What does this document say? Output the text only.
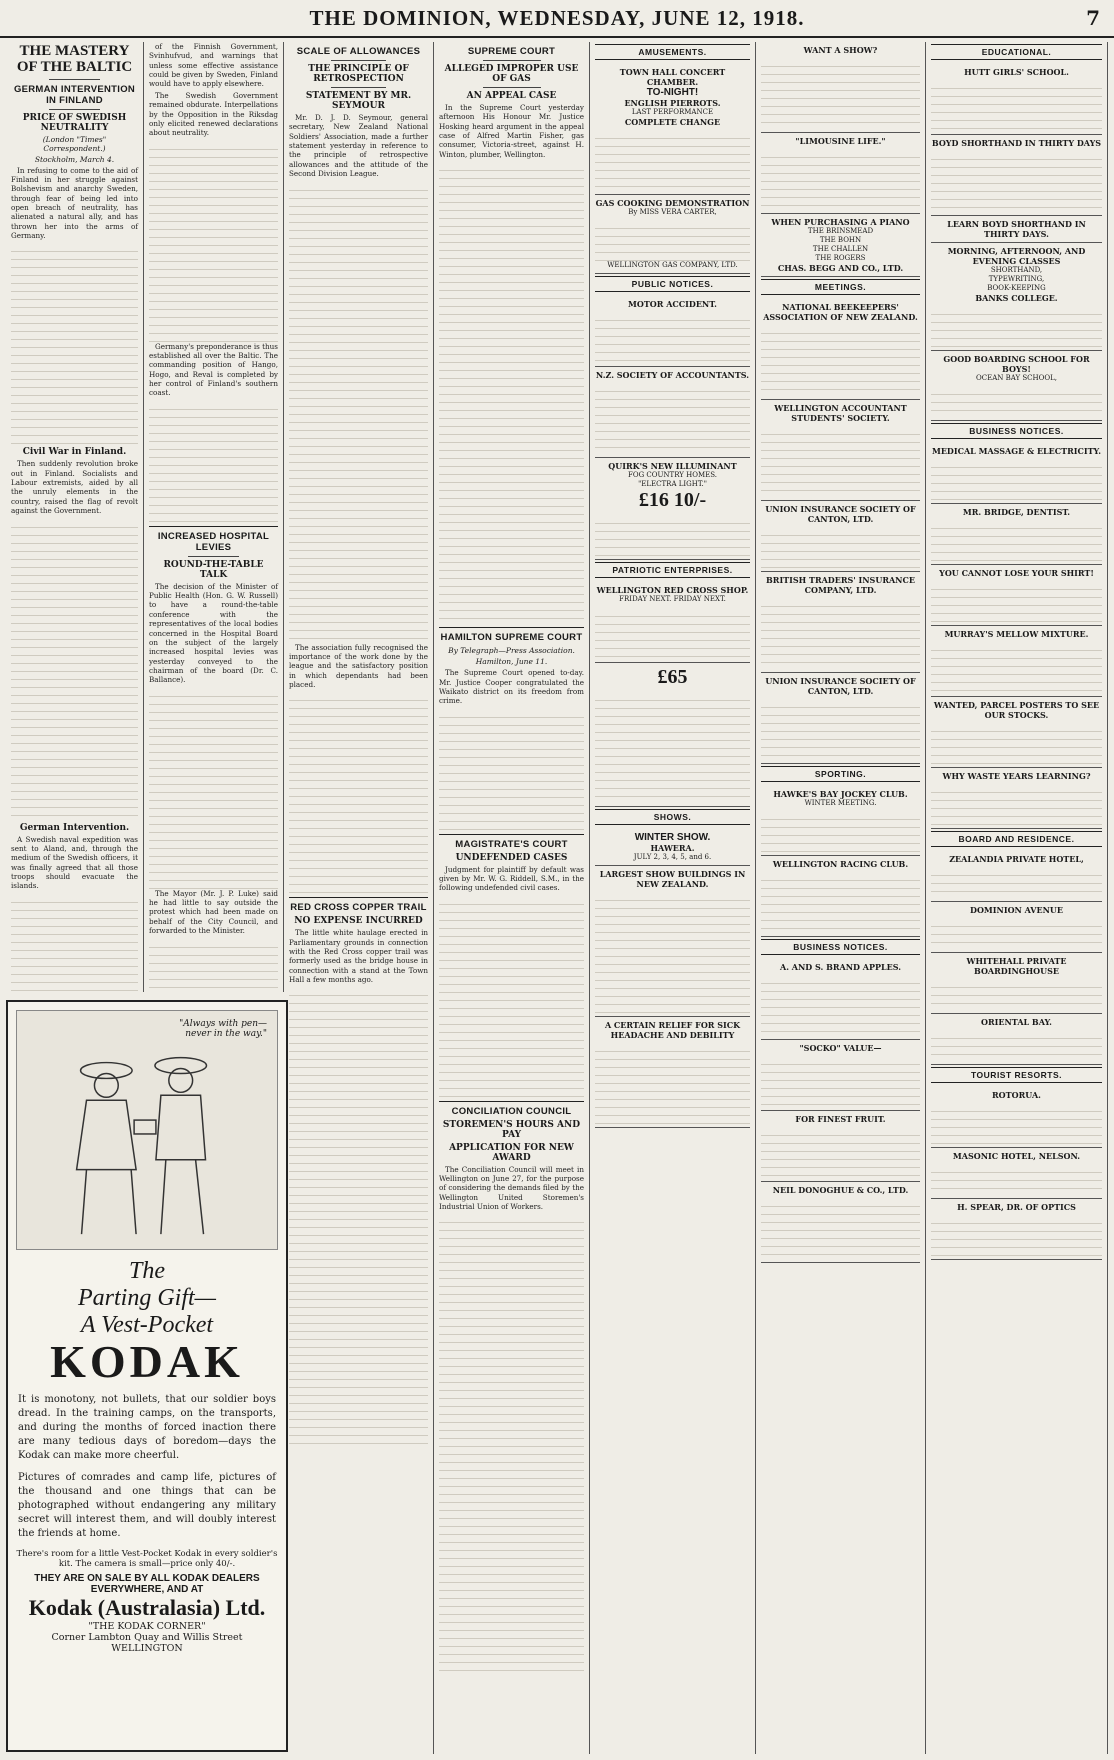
THE DOMINION, WEDNESDAY, JUNE 12, 1918.	7
THE MASTERY OF THE BALTIC
GERMAN INTERVENTION IN FINLAND
PRICE OF SWEDISH NEUTRALITY
(London "Times" Correspondent.)
Stockholm, March 4.

In refusing to come to the aid of Finland in her struggle against Bolshevism and anarchy Sweden, through fear of being led into open breach of neutrality, has alienated a natural ally, and has thrown her into the arms of Germany.

Civil War in Finland.

Then suddenly revolution broke out in Finland. Socialists and Labour extremists, aided by all the unruly elements in the country, raised the flag of revolt against the Government.

German Intervention.

A Swedish naval expedition was sent to Aland, and, through the medium of the Swedish officers, it was finally agreed that all those troops should evacuate the islands.

of the Finnish Government, Svinhufvud, and warnings that unless some effective assistance could be given by Sweden, Finland would have to apply elsewhere.

The Swedish Government remained obdurate. Interpellations by the Opposition in the Riksdag only elicited renewed declarations about neutrality.

Germany's preponderance is thus established all over the Baltic. The commanding position of Hango, Hogo, and Reval is completed by her control of Finland's southern coast.

INCREASED HOSPITAL LEVIES
ROUND-THE-TABLE TALK

The decision of the Minister of Public Health (Hon. G. W. Russell) to have a round-the-table conference with the representatives of the local bodies concerned in the Hospital Board on the subject of the largely increased hospital levies was yesterday conveyed to the chairman of the board (Dr. C. Ballance).

The Mayor (Mr. J. P. Luke) said he had little to say outside the protest which had been made on behalf of the City Council, and forwarded to the Minister.

SCALE OF ALLOWANCES
THE PRINCIPLE OF RETROSPECTION
STATEMENT BY MR. SEYMOUR

Mr. D. J. D. Seymour, general secretary, New Zealand National Soldiers' Association, made a further statement yesterday in reference to the principle of retrospective allowances and the attitude of the Second Division League.

The association fully recognised the importance of the work done by the league and the satisfactory position in which dependants had been placed.

RED CROSS COPPER TRAIL
NO EXPENSE INCURRED

The little white haulage erected in Parliamentary grounds in connection with the Red Cross copper trail was formerly used as the bridge house in connection with a stand at the Town Hall a few months ago.

SUPREME COURT
ALLEGED IMPROPER USE OF GAS
AN APPEAL CASE

In the Supreme Court yesterday afternoon His Honour Mr. Justice Hosking heard argument in the appeal case of Alfred Martin Fisher, gas consumer, Victoria-street, against H. Winton, plumber, Wellington.

HAMILTON SUPREME COURT
By Telegraph—Press Association.
Hamilton, June 11.

The Supreme Court opened to-day. Mr. Justice Cooper congratulated the Waikato district on its freedom from crime.

MAGISTRATE'S COURT
UNDEFENDED CASES

Judgment for plaintiff by default was given by Mr. W. G. Riddell, S.M., in the following undefended civil cases.

CONCILIATION COUNCIL
STOREMEN'S HOURS AND PAY
APPLICATION FOR NEW AWARD

The Conciliation Council will meet in Wellington on June 27, for the purpose of considering the demands filed by the Wellington United Storemen's Industrial Union of Workers.

AMUSEMENTS.
TOWN HALL CONCERT CHAMBER.
TO-NIGHT!
ENGLISH PIERROTS.
LAST PERFORMANCE
COMPLETE CHANGE
GAS COOKING DEMONSTRATION
By MISS VERA CARTER,
WELLINGTON GAS COMPANY, LTD.
PUBLIC NOTICES.
MOTOR ACCIDENT.
N.Z. SOCIETY OF ACCOUNTANTS.
QUIRK'S NEW ILLUMINANT
FOG COUNTRY HOMES.
"ELECTRA LIGHT."
£16 10/-
PATRIOTIC ENTERPRISES.
WELLINGTON RED CROSS SHOP.
FRIDAY NEXT. FRIDAY NEXT.
£65
SHOWS.
WINTER SHOW.
HAWERA.
JULY 2, 3, 4, 5, and 6.
LARGEST SHOW BUILDINGS IN NEW ZEALAND.
A CERTAIN RELIEF FOR SICK HEADACHE AND DEBILITY
WANT A SHOW?
"LIMOUSINE LIFE."
WHEN PURCHASING A PIANO
THE BRINSMEAD
THE BOHN
THE CHALLEN
THE ROGERS
CHAS. BEGG AND CO., LTD.
MEETINGS.
NATIONAL BEEKEEPERS' ASSOCIATION OF NEW ZEALAND.
WELLINGTON ACCOUNTANT STUDENTS' SOCIETY.
UNION INSURANCE SOCIETY OF CANTON, LTD.
BRITISH TRADERS' INSURANCE COMPANY, LTD.
UNION INSURANCE SOCIETY OF CANTON, LTD.
SPORTING.
HAWKE'S BAY JOCKEY CLUB.
WINTER MEETING.
WELLINGTON RACING CLUB.
BUSINESS NOTICES.
A. AND S. BRAND APPLES.
"SOCKO" VALUE—
FOR FINEST FRUIT.
NEIL DONOGHUE & CO., LTD.
EDUCATIONAL.
HUTT GIRLS' SCHOOL.
BOYD SHORTHAND IN THIRTY DAYS
LEARN BOYD SHORTHAND IN THIRTY DAYS.
MORNING, AFTERNOON, AND EVENING CLASSES
SHORTHAND,
TYPEWRITING,
BOOK-KEEPING
BANKS COLLEGE.
GOOD BOARDING SCHOOL FOR BOYS!
OCEAN BAY SCHOOL,
BUSINESS NOTICES.
MEDICAL MASSAGE & ELECTRICITY.
MR. BRIDGE, DENTIST.
YOU CANNOT LOSE YOUR SHIRT!
MURRAY'S MELLOW MIXTURE.
WANTED, PARCEL POSTERS TO SEE OUR STOCKS.
WHY WASTE YEARS LEARNING?
BOARD AND RESIDENCE.
ZEALANDIA PRIVATE HOTEL,
DOMINION AVENUE
WHITEHALL PRIVATE BOARDINGHOUSE
ORIENTAL BAY.
TOURIST RESORTS.
ROTORUA.
MASONIC HOTEL, NELSON.
H. SPEAR, DR. OF OPTICS
"Always with pen—never in the way."
The
Parting Gift—
A Vest-Pocket
KODAK
It is monotony, not bullets, that our soldier boys dread. In the training camps, on the transports, and during the months of forced inaction there are many tedious days of boredom—days the Kodak can make more cheerful.
Pictures of comrades and camp life, pictures of the thousand and one things that can be photographed without endangering any military secret will interest them, and will doubly interest the friends at home.
There's room for a little Vest-Pocket Kodak in every soldier's kit. The camera is small—price only 40/-.
THEY ARE ON SALE BY ALL KODAK DEALERS EVERYWHERE, AND AT
Kodak (Australasia) Ltd.
"THE KODAK CORNER"
Corner Lambton Quay and Willis Street
WELLINGTON
